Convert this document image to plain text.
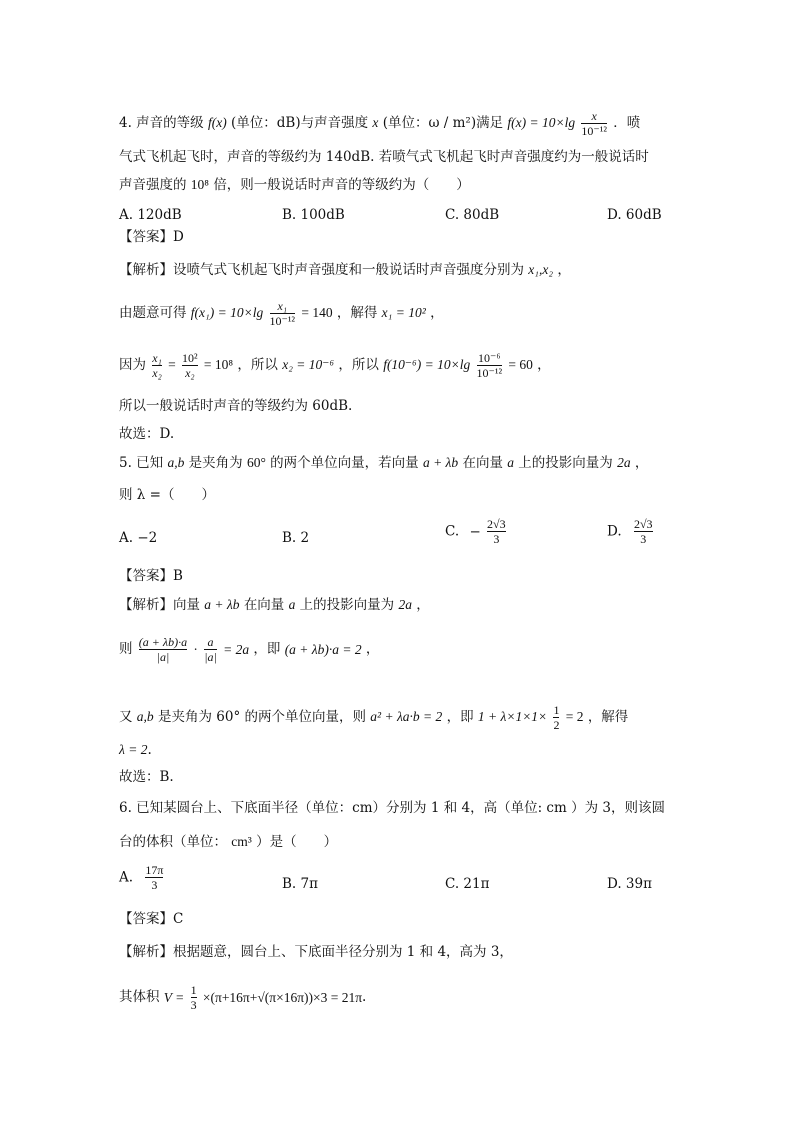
4. 声音的等级 f(x) (单位：dB)与声音强度 x (单位：ω / m²)满足 $f(x) = 10\times\lg \frac{x}{\text{10⁻¹²}}$ ．喷
气式飞机起飞时，声音的等级约为 140dB. 若喷气式飞机起飞时声音强度约为一般说话时
声音强度的 10⁸ 倍，则一般说话时声音的等级约为（　　）
A. 120dB	B. 100dB	C. 80dB	D. 60dB
【答案】D
【解析】设喷气式飞机起飞时声音强度和一般说话时声音强度分别为 x₁,x₂ ，
由题意可得 $f(x_1) = 10\times\lg \frac{\text{x₁}}{\text{10⁻¹²}} = 140$ ，解得 x₁ = 10² ，
因为 $\frac{\text{x₁}}{\text{x₂}} = \frac{\text{10²}}{\text{x₂}} = 10^8$ ，所以 x₂ = 10⁻⁶ ，所以 $f(10^{-6}) = 10\times\lg \frac{\text{10⁻⁶}}{\text{10⁻¹²}} = 60$ ，
所以一般说话时声音的等级约为 60dB.
故选：D.
5. 已知 a,b 是夹角为 60° 的两个单位向量，若向量 a + λb 在向量 a 上的投影向量为 2a ，
则 λ =（　　）
A. −2	B. 2	C. − $\frac{2√3}{3}$	D. $\frac{2√3}{3}$
【答案】B
【解析】向量 a + λb 在向量 a 上的投影向量为 2a ，
则 $\frac{(a + \lambda b)\cdot a}{|a|} \cdot \frac{a}{|a|} = 2a$ ，即 (a + λb)·a = 2 ，
又 a,b 是夹角为 60° 的两个单位向量，则 a² + λa·b = 2 ，即 $1 + \lambda\times 1\times 1\times \frac{1}{2} = 2$ ，解得
λ = 2.
故选：B.
6. 已知某圆台上、下底面半径（单位：cm）分别为 1 和 4，高（单位: cm ）为 3，则该圆
台的体积（单位： cm³ ）是（　　）
A. $\frac{17\pi}{3}$	B. 7π	C. 21π	D. 39π
【答案】C
【解析】根据题意，圆台上、下底面半径分别为 1 和 4，高为 3，
其体积 $V = \frac{1}{3} \times(\pi+16\pi+√(\pi\times 16\pi))\times 3 = 21\pi$.
